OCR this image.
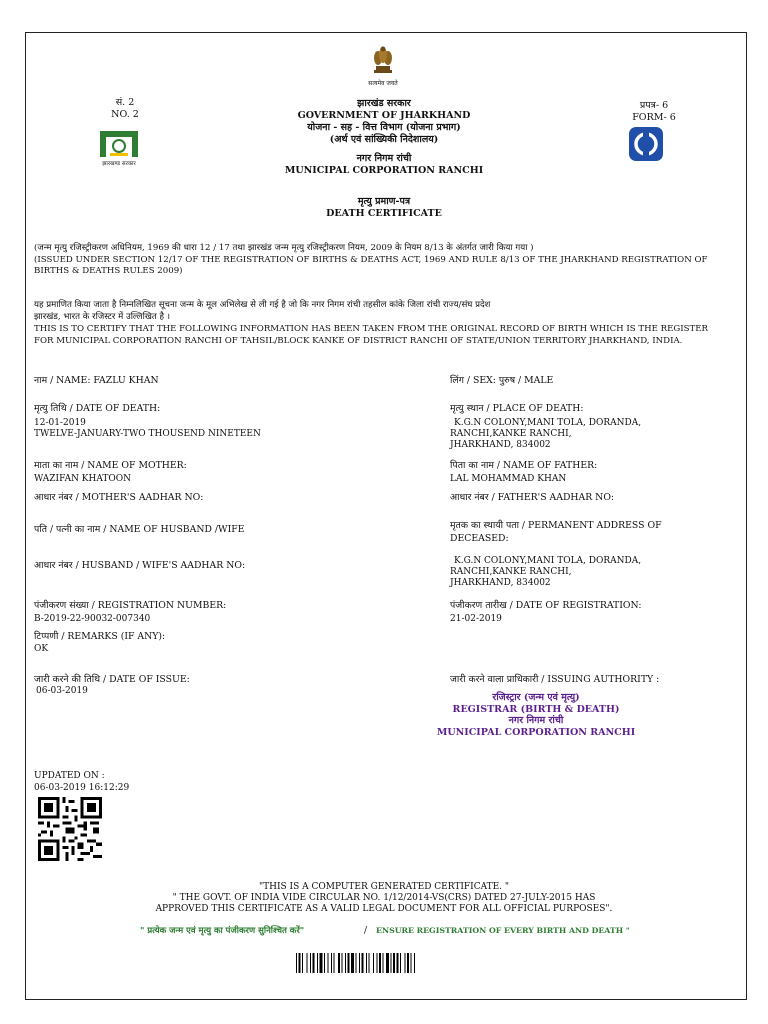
सत्यमेव जयते
सं. 2
NO. 2
झारखण्ड सरकार
झारखंड सरकार
GOVERNMENT OF JHARKHAND
योजना - सह - वित्त विभाग (योजना प्रभाग)
(अर्थ एवं सांख्यिकी निदेशालय)
नगर निगम रांची
MUNICIPAL CORPORATION RANCHI
प्रपत्र- 6
FORM- 6
मृत्यु प्रमाण-पत्र
DEATH CERTIFICATE
(जन्म मृत्यु रजिस्ट्रीकरण अधिनियम, 1969 की धारा 12 / 17 तथा झारखंड जन्म मृत्यु रजिस्ट्रीकरण नियम, 2009 के नियम 8/13 के अंतर्गत जारी किया गया )
(ISSUED UNDER SECTION 12/17 OF THE REGISTRATION OF BIRTHS & DEATHS ACT, 1969 AND RULE 8/13 OF THE JHARKHAND REGISTRATION OF
BIRTHS & DEATHS RULES 2009)
यह प्रमाणित किया जाता है निम्नलिखित सूचना जन्म के मूल अभिलेख से ली गई है जो कि नगर निगम रांची तहसील कांके जिला रांची राज्य/संघ प्रदेश
झारखंड, भारत के रजिस्टर में उल्लिखित है ।
THIS IS TO CERTIFY THAT THE FOLLOWING INFORMATION HAS BEEN TAKEN FROM THE ORIGINAL RECORD OF BIRTH WHICH IS THE REGISTER
FOR MUNICIPAL CORPORATION RANCHI OF TAHSIL/BLOCK KANKE OF DISTRICT RANCHI OF STATE/UNION TERRITORY JHARKHAND, INDIA.
नाम / NAME: FAZLU KHAN
मृत्यु तिथि / DATE OF DEATH:
12-01-2019
TWELVE-JANUARY-TWO THOUSEND NINETEEN
माता का नाम / NAME OF MOTHER:
WAZIFAN KHATOON
आधार नंबर / MOTHER'S AADHAR NO:
पति / पत्नी का नाम / NAME OF HUSBAND /WIFE
आधार नंबर / HUSBAND / WIFE'S AADHAR NO:
पंजीकरण संख्या / REGISTRATION NUMBER:
B-2019-22-90032-007340
टिप्पणी / REMARKS (IF ANY):
OK
जारी करने की तिथि / DATE OF ISSUE:
06-03-2019
लिंग / SEX: पुरुष / MALE
मृत्यु स्थान / PLACE OF DEATH:
K.G.N COLONY,MANI TOLA, DORANDA,
RANCHI,KANKE RANCHI,
JHARKHAND, 834002
पिता का नाम / NAME OF FATHER:
LAL MOHAMMAD KHAN
आधार नंबर / FATHER'S AADHAR NO:
मृतक का स्थायी पता / PERMANENT ADDRESS OF
DECEASED:
K.G.N COLONY,MANI TOLA, DORANDA,
RANCHI,KANKE RANCHI,
JHARKHAND, 834002
पंजीकरण तारीख / DATE OF REGISTRATION:
21-02-2019
जारी करने वाला प्राधिकारी / ISSUING AUTHORITY :
रजिस्ट्रार (जन्म एवं मृत्यु)
REGISTRAR (BIRTH & DEATH)
नगर निगम रांची
MUNICIPAL CORPORATION RANCHI
UPDATED ON :
06-03-2019 16:12:29
"THIS IS A COMPUTER GENERATED CERTIFICATE. "
" THE GOVT. OF INDIA VIDE CIRCULAR NO. 1/12/2014-VS(CRS) DATED 27-JULY-2015 HAS
APPROVED THIS CERTIFICATE AS A VALID LEGAL DOCUMENT FOR ALL OFFICIAL PURPOSES".
" प्रत्येक जन्म एवं मृत्यु का पंजीकरण सुनिश्चित करें"	/ ENSURE REGISTRATION OF EVERY BIRTH AND DEATH "
